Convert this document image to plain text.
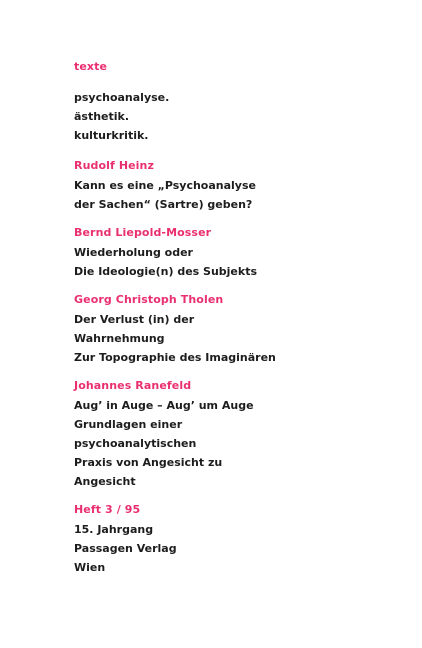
texte
psychoanalyse.
ästhetik.
kulturkritik.
Rudolf Heinz
Kann es eine „Psychoanalyse
der Sachen“ (Sartre) geben?
Bernd Liepold-Mosser
Wiederholung oder
Die Ideologie(n) des Subjekts
Georg Christoph Tholen
Der Verlust (in) der
Wahrnehmung
Zur Topographie des Imaginären
Johannes Ranefeld
Aug’ in Auge – Aug’ um Auge
Grundlagen einer
psychoanalytischen
Praxis von Angesicht zu
Angesicht
Heft 3 / 95
15. Jahrgang
Passagen Verlag
Wien
